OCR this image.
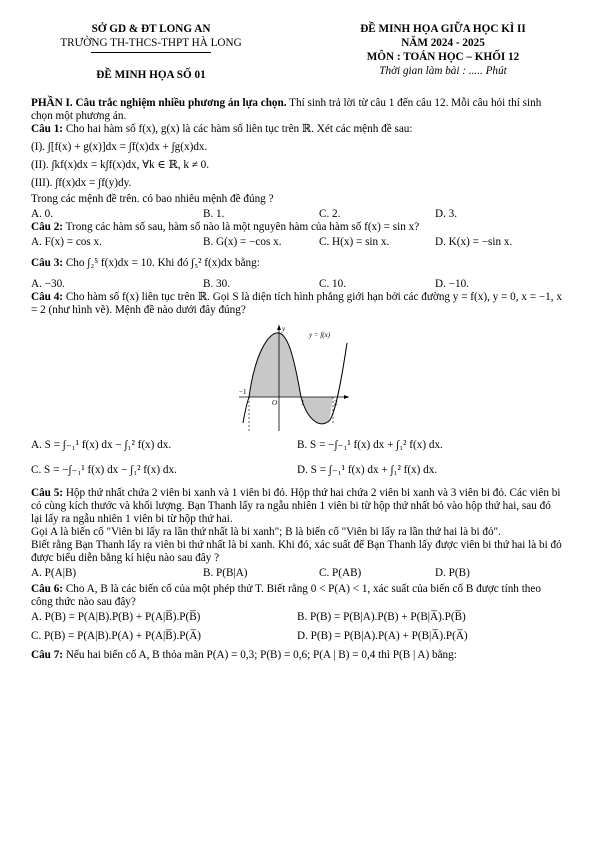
SỞ GD & ĐT LONG AN
TRƯỜNG TH-THCS-THPT HÀ LONG
ĐỀ MINH HỌA GIỮA HỌC KÌ II
NĂM 2024 - 2025
MÔN : TOÁN HỌC – KHỐI 12
Thời gian làm bài : ..... Phút
ĐỀ MINH HỌA SỐ 01

PHẦN I. Câu trắc nghiệm nhiều phương án lựa chọn. Thí sinh trả lời từ câu 1 đến câu 12. Mỗi câu hỏi thí sinh chọn một phương án.

Câu 1: Cho hai hàm số f(x), g(x) là các hàm số liên tục trên ℝ. Xét các mệnh đề sau:

(I). ∫[f(x) + g(x)]dx = ∫f(x)dx + ∫g(x)dx.

(II). ∫kf(x)dx = k∫f(x)dx, ∀k ∈ ℝ, k ≠ 0.

(III). ∫f(x)dx = ∫f(y)dy.

Trong các mệnh đề trên. có bao nhiêu mệnh đề đúng ?

A. 0.	B. 1.	C. 2.	D. 3.

Câu 2: Trong các hàm số sau, hàm số nào là một nguyên hàm của hàm số f(x) = sin x?

A. F(x) = cos x.	B. G(x) = −cos x.	C. H(x) = sin x.	D. K(x) = −sin x.

Câu 3: Cho ∫₂⁵ f(x)dx = 10. Khi đó ∫₅² f(x)dx bằng:

A. −30.	B. 30.	C. 10.	D. −10.

Câu 4: Cho hàm số f(x) liên tục trên ℝ. Gọi S là diện tích hình phẳng giới hạn bởi các đường y = f(x), y = 0, x = −1, x = 2 (như hình vẽ). Mệnh đề nào dưới đây đúng?

y
y = f(x)
O
−1
1	2
A. S = ∫₋₁¹ f(x) dx − ∫₁² f(x) dx.	B. S = −∫₋₁¹ f(x) dx + ∫₁² f(x) dx.
C. S = −∫₋₁¹ f(x) dx − ∫₁² f(x) dx.	D. S = ∫₋₁¹ f(x) dx + ∫₁² f(x) dx.

Câu 5: Hộp thứ nhất chứa 2 viên bi xanh và 1 viên bi đỏ. Hộp thứ hai chứa 2 viên bi xanh và 3 viên bi đỏ. Các viên bi có cùng kích thước và khối lượng. Bạn Thanh lấy ra ngẫu nhiên 1 viên bi từ hộp thứ nhất bỏ vào hộp thứ hai, sau đó lại lấy ra ngẫu nhiên 1 viên bi từ hộp thứ hai.

Gọi A là biến cố "Viên bi lấy ra lần thứ nhất là bi xanh"; B là biến cố "Viên bi lấy ra lần thứ hai là bi đỏ".

Biết rằng Bạn Thanh lấy ra viên bi thứ nhất là bi xanh. Khi đó, xác suất để Bạn Thanh lấy được viên bi thứ hai là bi đỏ được biểu diễn bằng kí hiệu nào sau đây ?

A. P(A|B)	B. P(B|A)	C. P(AB)	D. P(B)

Câu 6: Cho A, B là các biến cố của một phép thử T. Biết rằng 0 < P(A) < 1, xác suất của biến cố B được tính theo công thức nào sau đây?

A. P(B) = P(A|B).P(B) + P(A|B̅).P(B̅)	B. P(B) = P(B|A).P(B) + P(B|A̅).P(B̅)
C. P(B) = P(A|B).P(A) + P(A|B̅).P(A̅)	D. P(B) = P(B|A).P(A) + P(B|A̅).P(A̅)

Câu 7: Nếu hai biến cố A, B thỏa mãn P(A) = 0,3; P(B) = 0,6; P(A | B) = 0,4 thì P(B | A) bằng:
